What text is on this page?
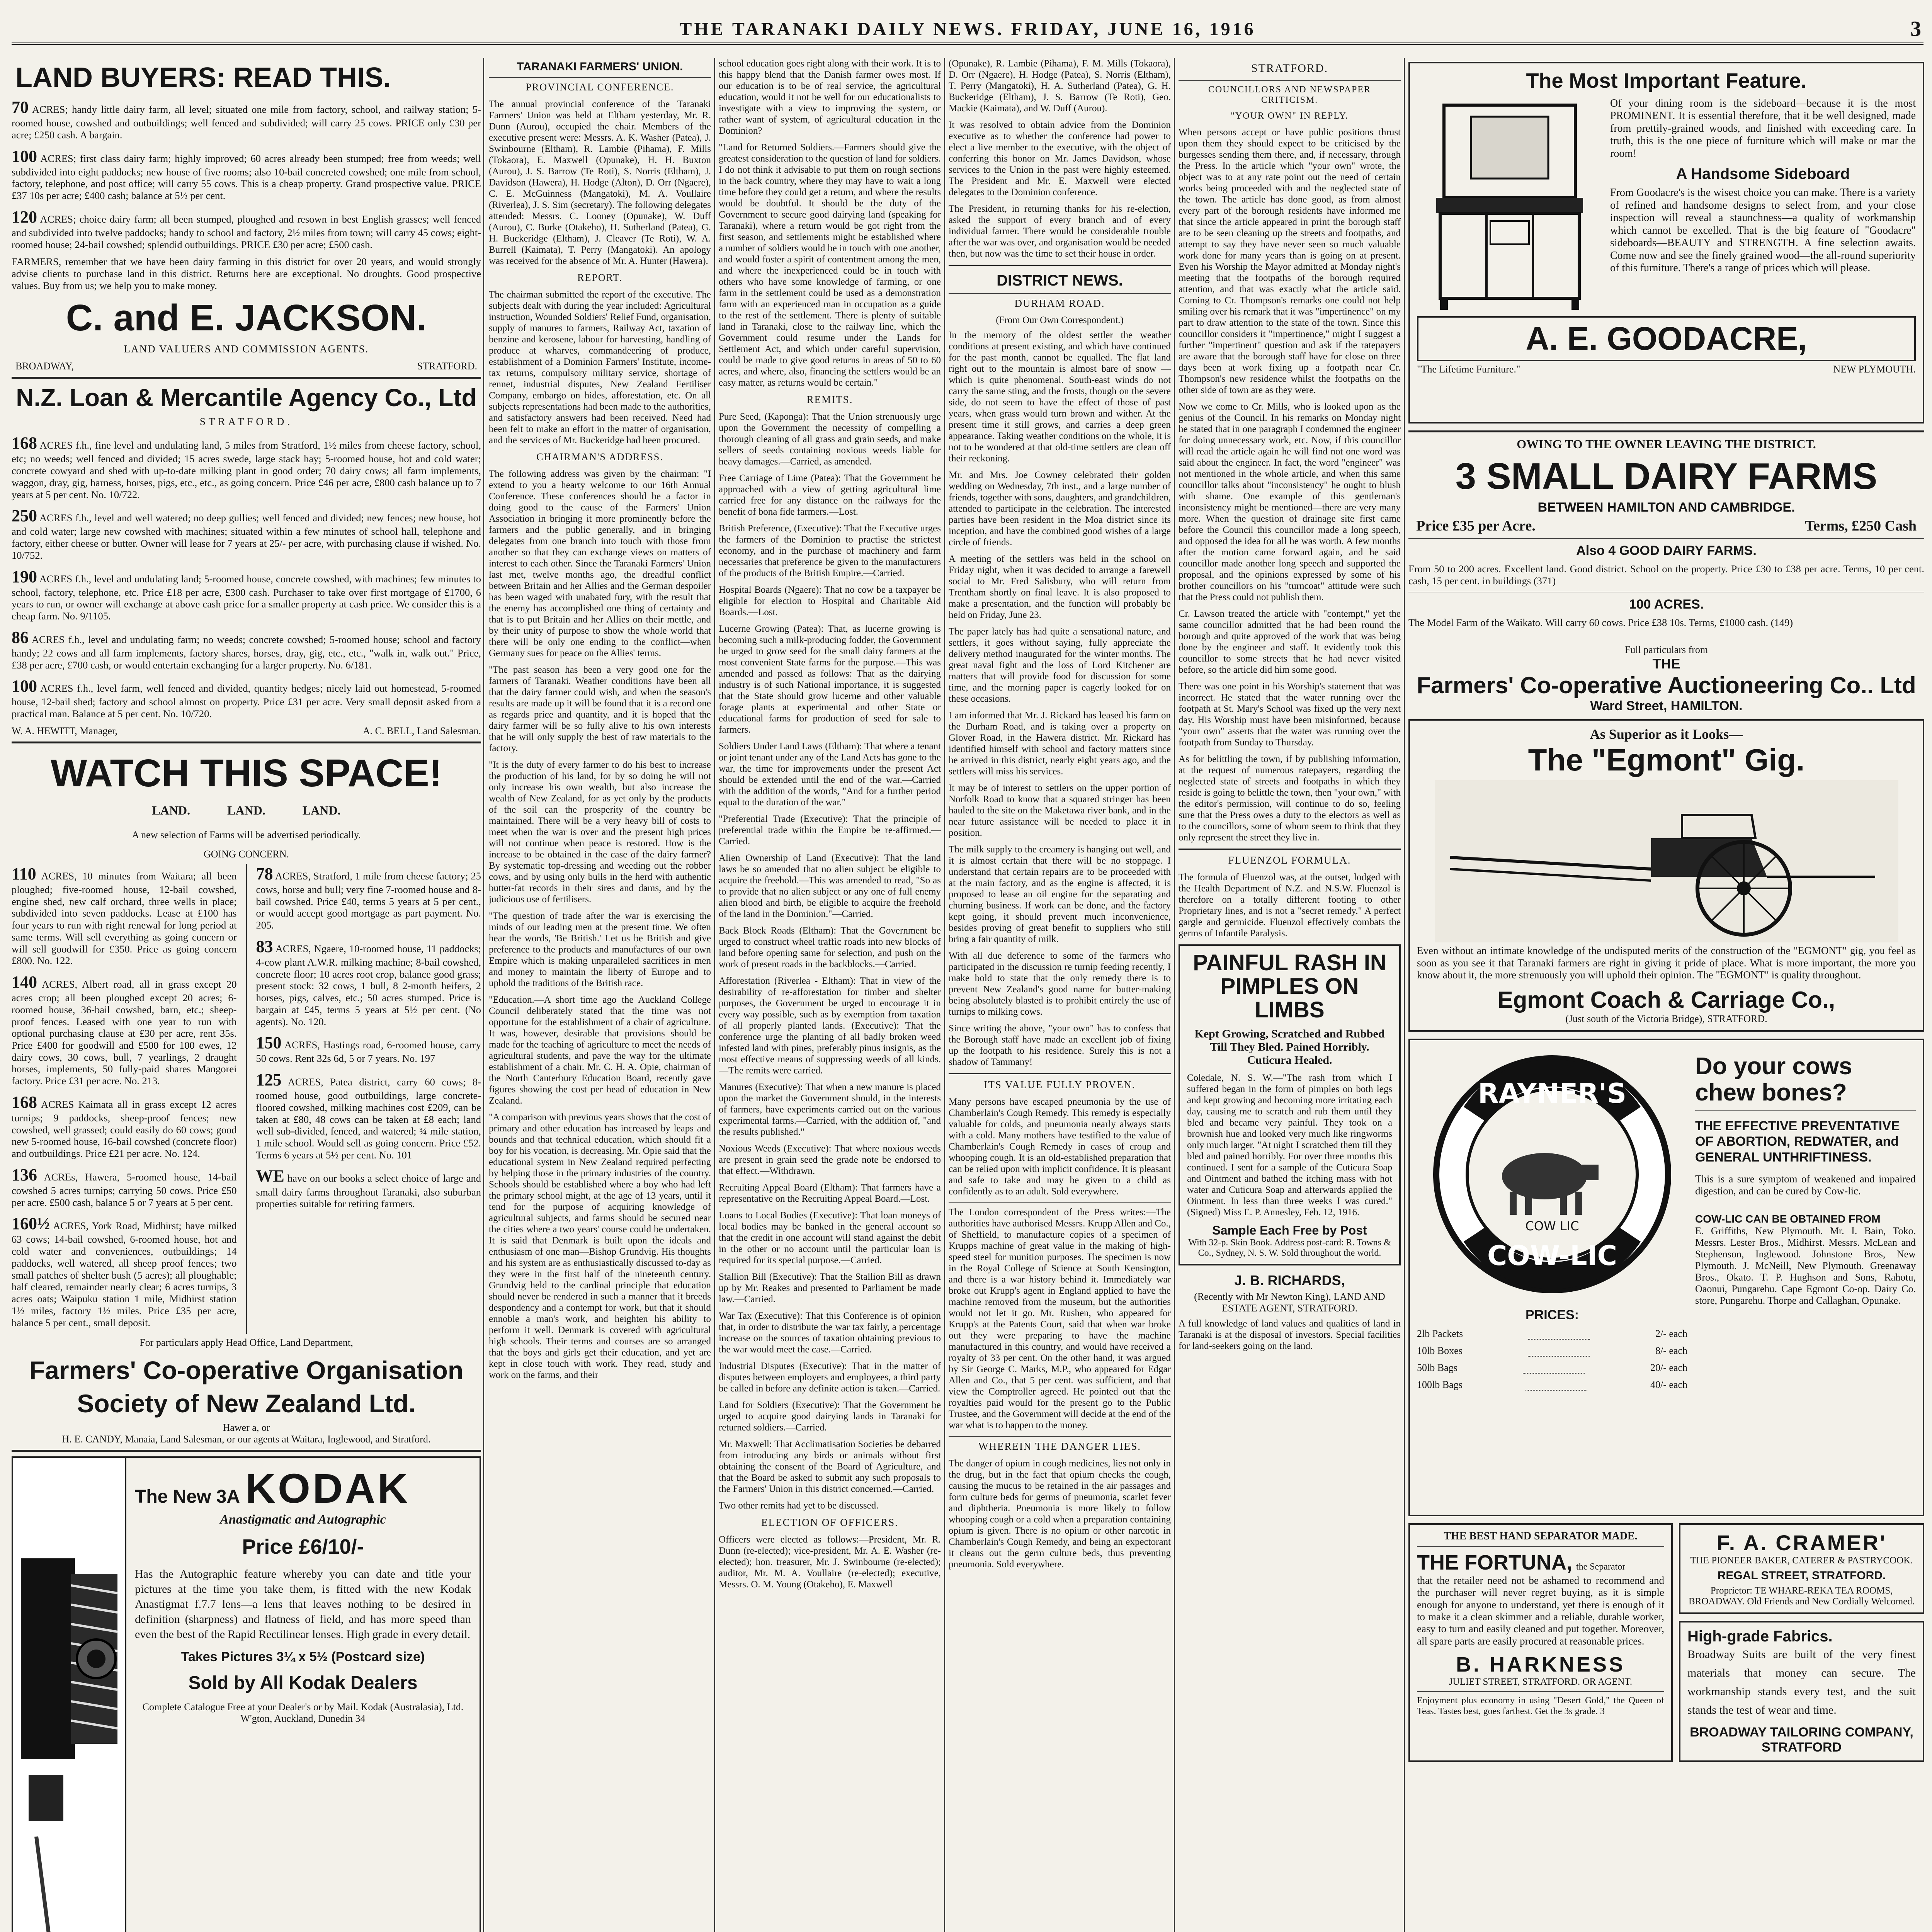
THE TARANAKI DAILY NEWS. FRIDAY, JUNE 16, 1916	3
LAND BUYERS: READ THIS.

70 ACRES; handy little dairy farm, all level; situated one mile from factory, school, and railway station; 5-roomed house, cowshed and outbuildings; well fenced and subdivided; will carry 25 cows. PRICE only £30 per acre; £250 cash. A bargain.

100 ACRES; first class dairy farm; highly improved; 60 acres already been stumped; free from weeds; well subdivided into eight paddocks; new house of five rooms; also 10-bail concreted cowshed; one mile from school, factory, telephone, and post office; will carry 55 cows. This is a cheap property. Grand prospective value. PRICE £37 10s per acre; £400 cash; balance at 5½ per cent.

120 ACRES; choice dairy farm; all been stumped, ploughed and resown in best English grasses; well fenced and subdivided into twelve paddocks; handy to school and factory, 2½ miles from town; will carry 45 cows; eight-roomed house; 24-bail cowshed; splendid outbuildings. PRICE £30 per acre; £500 cash.

FARMERS, remember that we have been dairy farming in this district for over 20 years, and would strongly advise clients to purchase land in this district. Returns here are exceptional. No droughts. Good prospective values. Buy from us; we help you to make money.

C. and E. JACKSON.
LAND VALUERS AND COMMISSION AGENTS.
BROADWAY,	STRATFORD.
N.Z. Loan & Mercantile Agency Co., Ltd
STRATFORD.

168 ACRES f.h., fine level and undulating land, 5 miles from Stratford, 1½ miles from cheese factory, school, etc; no weeds; well fenced and divided; 15 acres swede, large stack hay; 5-roomed house, hot and cold water; concrete cowyard and shed with up-to-date milking plant in good order; 70 dairy cows; all farm implements, waggon, dray, gig, harness, horses, pigs, etc., etc., as going concern. Price £46 per acre, £800 cash balance up to 7 years at 5 per cent. No. 10/722.

250 ACRES f.h., level and well watered; no deep gullies; well fenced and divided; new fences; new house, hot and cold water; large new cowshed with machines; situated within a few minutes of school hall, telephone and factory, either cheese or butter. Owner will lease for 7 years at 25/- per acre, with purchasing clause if wished. No. 10/752.

190 ACRES f.h., level and undulating land; 5-roomed house, concrete cowshed, with machines; few minutes to school, factory, telephone, etc. Price £18 per acre, £300 cash. Purchaser to take over first mortgage of £1700, 6 years to run, or owner will exchange at above cash price for a smaller property at cash price. We consider this is a cheap farm. No. 9/1105.

86 ACRES f.h., level and undulating farm; no weeds; concrete cowshed; 5-roomed house; school and factory handy; 22 cows and all farm implements, factory shares, horses, dray, gig, etc., etc., "walk in, walk out." Price, £38 per acre, £700 cash, or would entertain exchanging for a larger property. No. 6/181.

100 ACRES f.h., level farm, well fenced and divided, quantity hedges; nicely laid out homestead, 5-roomed house, 12-bail shed; factory and school almost on property. Price £31 per acre. Very small deposit asked from a practical man. Balance at 5 per cent. No. 10/720.

W. A. HEWITT, Manager,	A. C. BELL, Land Salesman.
WATCH THIS SPACE!
LAND.            LAND.            LAND.
A new selection of Farms will be advertised periodically.
GOING CONCERN.

110 ACRES, 10 minutes from Waitara; all been ploughed; five-roomed house, 12-bail cowshed, engine shed, new calf orchard, three wells in place; subdivided into seven paddocks. Lease at £100 has four years to run with right renewal for long period at same terms. Will sell everything as going concern or will sell goodwill for £350. Price as going concern £800. No. 122.

140 ACRES, Albert road, all in grass except 20 acres crop; all been ploughed except 20 acres; 6-roomed house, 36-bail cowshed, barn, etc.; sheep-proof fences. Leased with one year to run with optional purchasing clause at £30 per acre, rent 35s. Price £400 for goodwill and £500 for 100 ewes, 12 dairy cows, 30 cows, bull, 7 yearlings, 2 draught horses, implements, 50 fully-paid shares Mangorei factory. Price £31 per acre. No. 213.

168 ACRES Kaimata all in grass except 12 acres turnips; 9 paddocks, sheep-proof fences; new cowshed, well grassed; could easily do 60 cows; good new 5-roomed house, 16-bail cowshed (concrete floor) and outbuildings. Price £21 per acre. No. 124.

136 ACREs, Hawera, 5-roomed house, 14-bail cowshed 5 acres turnips; carrying 50 cows. Price £50 per acre. £500 cash, balance 5 or 7 years at 5 per cent.

160½ ACRES, York Road, Midhirst; have milked 63 cows; 14-bail cowshed, 6-roomed house, hot and cold water and conveniences, outbuildings; 14 paddocks, well watered, all sheep proof fences; two small patches of shelter bush (5 acres); all ploughable; half cleared, remainder nearly clear; 6 acres turnips, 3 acres oats; Waipuku station 1 mile, Midhirst station 1½ miles, factory 1½ miles. Price £35 per acre, balance 5 per cent., small deposit.

78 ACRES, Stratford, 1 mile from cheese factory; 25 cows, horse and bull; very fine 7-roomed house and 8-bail cowshed. Price £40, terms 5 years at 5 per cent., or would accept good mortgage as part payment. No. 205.

83 ACRES, Ngaere, 10-roomed house, 11 paddocks; 4-cow plant A.W.R. milking machine; 8-bail cowshed, concrete floor; 10 acres root crop, balance good grass; present stock: 32 cows, 1 bull, 8 2-month heifers, 2 horses, pigs, calves, etc.; 50 acres stumped. Price is bargain at £45, terms 5 years at 5½ per cent. (No agents). No. 120.

150 ACRES, Hastings road, 6-roomed house, carry 50 cows. Rent 32s 6d, 5 or 7 years. No. 197

125 ACRES, Patea district, carry 60 cows; 8-roomed house, good outbuildings, large concrete-floored cowshed, milking machines cost £209, can be taken at £80, 48 cows can be taken at £8 each; land well sub-divided, fenced, and watered; ¾ mile station, 1 mile school. Would sell as going concern. Price £52. Terms 6 years at 5½ per cent. No. 101

WE have on our books a select choice of large and small dairy farms throughout Taranaki, also suburban properties suitable for retiring farmers.

For particulars apply Head Office, Land Department,
Farmers' Co-operative Organisation
Society of New Zealand Ltd.
Hawer a, or
H. E. CANDY, Manaia, Land Salesman, or our agents at Waitara, Inglewood, and Stratford.
The New 3A KODAK
Anastigmatic and Autographic
Price £6/10/-

Has the Autographic feature whereby you can date and title your pictures at the time you take them, is fitted with the new Kodak Anastigmat f.7.7 lens—a lens that leaves nothing to be desired in definition (sharpness) and flatness of field, and has more speed than even the best of the Rapid Rectilinear lenses. High grade in every detail.

Takes Pictures 3¼ x 5½ (Postcard size)
Sold by All Kodak Dealers
Complete Catalogue Free at your Dealer's or by Mail. Kodak (Australasia), Ltd. W'gton, Auckland, Dunedin 34
TARANAKI FARMERS' UNION.
PROVINCIAL CONFERENCE.

The annual provincial conference of the Taranaki Farmers' Union was held at Eltham yesterday, Mr. R. Dunn (Aurou), occupied the chair. Members of the executive present were: Messrs. A. K. Washer (Patea), J. Swinbourne (Eltham), R. Lambie (Pihama), F. Mills (Tokaora), E. Maxwell (Opunake), H. H. Buxton (Aurou), J. S. Barrow (Te Roti), S. Norris (Eltham), J. Davidson (Hawera), H. Hodge (Alton), D. Orr (Ngaere), C. E. McGuinness (Mangatoki), M. A. Voullaire (Riverlea), J. S. Sim (secretary). The following delegates attended: Messrs. C. Looney (Opunake), W. Duff (Aurou), C. Burke (Otakeho), H. Sutherland (Patea), G. H. Buckeridge (Eltham), J. Cleaver (Te Roti), W. A. Burrell (Kaimata), T. Perry (Mangatoki). An apology was received for the absence of Mr. A. Hunter (Hawera).

REPORT.

The chairman submitted the report of the executive. The subjects dealt with during the year included: Agricultural instruction, Wounded Soldiers' Relief Fund, organisation, supply of manures to farmers, Railway Act, taxation of benzine and kerosene, labour for harvesting, handling of produce at wharves, commandeering of produce, establishment of a Dominion Farmers' Institute, income-tax returns, compulsory military service, shortage of rennet, industrial disputes, New Zealand Fertiliser Company, embargo on hides, afforestation, etc. On all subjects representations had been made to the authorities, and satisfactory answers had been received. Need had been felt to make an effort in the matter of organisation, and the services of Mr. Buckeridge had been procured.

CHAIRMAN'S ADDRESS.

The following address was given by the chairman: "I extend to you a hearty welcome to our 16th Annual Conference. These conferences should be a factor in doing good to the cause of the Farmers' Union Association in bringing it more prominently before the farmers and the public generally, and in bringing delegates from one branch into touch with those from another so that they can exchange views on matters of interest to each other. Since the Taranaki Farmers' Union last met, twelve months ago, the dreadful conflict between Britain and her Allies and the German despoiler has been waged with unabated fury, with the result that the enemy has accomplished one thing of certainty and that is to put Britain and her Allies on their mettle, and by their unity of purpose to show the whole world that there will be only one ending to the conflict—when Germany sues for peace on the Allies' terms.

"The past season has been a very good one for the farmers of Taranaki. Weather conditions have been all that the dairy farmer could wish, and when the season's results are made up it will be found that it is a record one as regards price and quantity, and it is hoped that the dairy farmer will be so fully alive to his own interests that he will only supply the best of raw materials to the factory.

"It is the duty of every farmer to do his best to increase the production of his land, for by so doing he will not only increase his own wealth, but also increase the wealth of New Zealand, for as yet only by the products of the soil can the prosperity of the country be maintained. There will be a very heavy bill of costs to meet when the war is over and the present high prices will not continue when peace is restored. How is the increase to be obtained in the case of the dairy farmer? By systematic top-dressing and weeding out the robber cows, and by using only bulls in the herd with authentic butter-fat records in their sires and dams, and by the judicious use of fertilisers.

"The question of trade after the war is exercising the minds of our leading men at the present time. We often hear the words, 'Be British.' Let us be British and give preference to the products and manufactures of our own Empire which is making unparalleled sacrifices in men and money to maintain the liberty of Europe and to uphold the traditions of the British race.

"Education.—A short time ago the Auckland College Council deliberately stated that the time was not opportune for the establishment of a chair of agriculture. It was, however, desirable that provisions should be made for the teaching of agriculture to meet the needs of agricultural students, and pave the way for the ultimate establishment of a chair. Mr. C. H. A. Opie, chairman of the North Canterbury Education Board, recently gave figures showing the cost per head of education in New Zealand.

"A comparison with previous years shows that the cost of primary and other education has increased by leaps and bounds and that technical education, which should fit a boy for his vocation, is decreasing. Mr. Opie said that the educational system in New Zealand required perfecting by helping those in the primary industries of the country. Schools should be established where a boy who had left the primary school might, at the age of 13 years, until it tend for the purpose of acquiring knowledge of agricultural subjects, and farms should be secured near the cities where a two years' course could be undertaken. It is said that Denmark is built upon the ideals and enthusiasm of one man—Bishop Grundvig. His thoughts and his system are as enthusiastically discussed to-day as they were in the first half of the nineteenth century. Grundvig held to the cardinal principle that education should never be rendered in such a manner that it breeds despondency and a contempt for work, but that it should ennoble a man's work, and heighten his ability to perform it well. Denmark is covered with agricultural high schools. Their terms and courses are so arranged that the boys and girls get their education, and yet are kept in close touch with work. They read, study and work on the farms, and their

school education goes right along with their work. It is to this happy blend that the Danish farmer owes most. If our education is to be of real service, the agricultural education, would it not be well for our educationalists to investigate with a view to improving the system, or rather want of system, of agricultural education in the Dominion?

"Land for Returned Soldiers.—Farmers should give the greatest consideration to the question of land for soldiers. I do not think it advisable to put them on rough sections in the back country, where they may have to wait a long time before they could get a return, and where the results would be doubtful. It should be the duty of the Government to secure good dairying land (speaking for Taranaki), where a return would be got right from the first season, and settlements might be established where a number of soldiers would be in touch with one another, and would foster a spirit of contentment among the men, and where the inexperienced could be in touch with others who have some knowledge of farming, or one farm in the settlement could be used as a demonstration farm with an experienced man in occupation as a guide to the rest of the settlement. There is plenty of suitable land in Taranaki, close to the railway line, which the Government could resume under the Lands for Settlement Act, and which under careful supervision, could be made to give good returns in areas of 50 to 60 acres, and where, also, financing the settlers would be an easy matter, as returns would be certain."

REMITS.

Pure Seed, (Kaponga): That the Union strenuously urge upon the Government the necessity of compelling a thorough cleaning of all grass and grain seeds, and make sellers of seeds containing noxious weeds liable for heavy damages.—Carried, as amended.

Free Carriage of Lime (Patea): That the Government be approached with a view of getting agricultural lime carried free for any distance on the railways for the benefit of bona fide farmers.—Lost.

British Preference, (Executive): That the Executive urges the farmers of the Dominion to practise the strictest economy, and in the purchase of machinery and farm necessaries that preference be given to the manufacturers of the products of the British Empire.—Carried.

Hospital Boards (Ngaere): That no cow be a taxpayer be eligible for election to Hospital and Charitable Aid Boards.—Lost.

Lucerne Growing (Patea): That, as lucerne growing is becoming such a milk-producing fodder, the Government be urged to grow seed for the small dairy farmers at the most convenient State farms for the purpose.—This was amended and passed as follows: That as the dairying industry is of such National importance, it is suggested that the State should grow lucerne and other valuable forage plants at experimental and other State or educational farms for production of seed for sale to farmers.

Soldiers Under Land Laws (Eltham): That where a tenant or joint tenant under any of the Land Acts has gone to the war, the time for improvements under the present Act should be extended until the end of the war.—Carried with the addition of the words, "And for a further period equal to the duration of the war."

"Preferential Trade (Executive): That the principle of preferential trade within the Empire be re-affirmed.—Carried.

Alien Ownership of Land (Executive): That the land laws be so amended that no alien subject be eligible to acquire the freehold.—This was amended to read, "So as to provide that no alien subject or any one of full enemy alien blood and birth, be eligible to acquire the freehold of the land in the Dominion."—Carried.

Back Block Roads (Eltham): That the Government be urged to construct wheel traffic roads into new blocks of land before opening same for selection, and push on the work of present roads in the backblocks.—Carried.

Afforestation (Riverlea - Eltham): That in view of the desirability of re-afforestation for timber and shelter purposes, the Government be urged to encourage it in every way possible, such as by exemption from taxation of all properly planted lands. (Executive): That the conference urge the planting of all badly broken weed infested land with pines, preferably pinus insignis, as the most effective means of suppressing weeds of all kinds.—The remits were carried.

Manures (Executive): That when a new manure is placed upon the market the Government should, in the interests of farmers, have experiments carried out on the various experimental farms.—Carried, with the addition of, "and the results published."

Noxious Weeds (Executive): That where noxious weeds are present in grain seed the grade note be endorsed to that effect.—Withdrawn.

Recruiting Appeal Board (Eltham): That farmers have a representative on the Recruiting Appeal Board.—Lost.

Loans to Local Bodies (Executive): That loan moneys of local bodies may be banked in the general account so that the credit in one account will stand against the debit in the other or no account until the particular loan is required for its special purpose.—Carried.

Stallion Bill (Executive): That the Stallion Bill as drawn up by Mr. Reakes and presented to Parliament be made law.—Carried.

War Tax (Executive): That this Conference is of opinion that, in order to distribute the war tax fairly, a percentage increase on the sources of taxation obtaining previous to the war would meet the case.—Carried.

Industrial Disputes (Executive): That in the matter of disputes between employers and employees, a third party be called in before any definite action is taken.—Carried.

Land for Soldiers (Executive): That the Government be urged to acquire good dairying lands in Taranaki for returned soldiers.—Carried.

Mr. Maxwell: That Acclimatisation Societies be debarred from introducing any birds or animals without first obtaining the consent of the Board of Agriculture, and that the Board be asked to submit any such proposals to the Farmers' Union in this district concerned.—Carried.

Two other remits had yet to be discussed.

ELECTION OF OFFICERS.

Officers were elected as follows:—President, Mr. R. Dunn (re-elected); vice-president, Mr. A. E. Washer (re-elected); hon. treasurer, Mr. J. Swinbourne (re-elected); auditor, Mr. M. A. Voullaire (re-elected); executive, Messrs. O. M. Young (Otakeho), E. Maxwell

(Opunake), R. Lambie (Pihama), F. M. Mills (Tokaora), D. Orr (Ngaere), H. Hodge (Patea), S. Norris (Eltham), T. Perry (Mangatoki), H. A. Sutherland (Patea), G. H. Buckeridge (Eltham), J. S. Barrow (Te Roti), Geo. Mackie (Kaimata), and W. Duff (Aurou).

It was resolved to obtain advice from the Dominion executive as to whether the conference had power to elect a live member to the executive, with the object of conferring this honor on Mr. James Davidson, whose services to the Union in the past were highly esteemed. The President and Mr. E. Maxwell were elected delegates to the Dominion conference.

The President, in returning thanks for his re-election, asked the support of every branch and of every individual farmer. There would be considerable trouble after the war was over, and organisation would be needed then, but now was the time to set their house in order.

DISTRICT NEWS.
DURHAM ROAD.
(From Our Own Correspondent.)

In the memory of the oldest settler the weather conditions at present existing, and which have continued for the past month, cannot be equalled. The flat land right out to the mountain is almost bare of snow — which is quite phenomenal. South-east winds do not carry the same sting, and the frosts, though on the severe side, do not seem to have the effect of those of past years, when grass would turn brown and wither. At the present time it still grows, and carries a deep green appearance. Taking weather conditions on the whole, it is not to be wondered at that old-time settlers are clean off their reckoning.

Mr. and Mrs. Joe Cowney celebrated their golden wedding on Wednesday, 7th inst., and a large number of friends, together with sons, daughters, and grandchildren, attended to participate in the celebration. The interested parties have been resident in the Moa district since its inception, and have the combined good wishes of a large circle of friends.

A meeting of the settlers was held in the school on Friday night, when it was decided to arrange a farewell social to Mr. Fred Salisbury, who will return from Trentham shortly on final leave. It is also proposed to make a presentation, and the function will probably be held on Friday, June 23.

The paper lately has had quite a sensational nature, and settlers, it goes without saying, fully appreciate the delivery method inaugurated for the winter months. The great naval fight and the loss of Lord Kitchener are matters that will provide food for discussion for some time, and the morning paper is eagerly looked for on these occasions.

I am informed that Mr. J. Rickard has leased his farm on the Durham Road, and is taking over a property on Glover Road, in the Hawera district. Mr. Rickard has identified himself with school and factory matters since he arrived in this district, nearly eight years ago, and the settlers will miss his services.

It may be of interest to settlers on the upper portion of Norfolk Road to know that a squared stringer has been hauled to the site on the Maketawa river bank, and in the near future assistance will be needed to place it in position.

The milk supply to the creamery is hanging out well, and it is almost certain that there will be no stoppage. I understand that certain repairs are to be proceeded with at the main factory, and as the engine is affected, it is proposed to lease an oil engine for the separating and churning business. If work can be done, and the factory kept going, it should prevent much inconvenience, besides proving of great benefit to suppliers who still bring a fair quantity of milk.

With all due deference to some of the farmers who participated in the discussion re turnip feeding recently, I make bold to state that the only remedy there is to prevent New Zealand's good name for butter-making being absolutely blasted is to prohibit entirely the use of turnips to milking cows.

Since writing the above, "your own" has to confess that the Borough staff have made an excellent job of fixing up the footpath to his residence. Surely this is not a shadow of Tammany!

ITS VALUE FULLY PROVEN.

Many persons have escaped pneumonia by the use of Chamberlain's Cough Remedy. This remedy is especially valuable for colds, and pneumonia nearly always starts with a cold. Many mothers have testified to the value of Chamberlain's Cough Remedy in cases of croup and whooping cough. It is an old-established preparation that can be relied upon with implicit confidence. It is pleasant and safe to take and may be given to a child as confidently as to an adult. Sold everywhere.

The London correspondent of the Press writes:—The authorities have authorised Messrs. Krupp Allen and Co., of Sheffield, to manufacture copies of a specimen of Krupps machine of great value in the making of high-speed steel for munition purposes. The specimen is now in the Royal College of Science at South Kensington, and there is a war history behind it. Immediately war broke out Krupp's agent in England applied to have the machine removed from the museum, but the authorities would not let it go. Mr. Rushen, who appeared for Krupp's at the Patents Court, said that when war broke out they were preparing to have the machine manufactured in this country, and would have received a royalty of 33 per cent. On the other hand, it was argued by Sir George C. Marks, M.P., who appeared for Edgar Allen and Co., that 5 per cent. was sufficient, and that view the Comptroller agreed. He pointed out that the royalties paid would for the present go to the Public Trustee, and the Government will decide at the end of the war what is to happen to the money.

WHEREIN THE DANGER LIES.

The danger of opium in cough medicines, lies not only in the drug, but in the fact that opium checks the cough, causing the mucus to be retained in the air passages and form culture beds for germs of pneumonia, scarlet fever and diphtheria. Pneumonia is more likely to follow whooping cough or a cold when a preparation containing opium is given. There is no opium or other narcotic in Chamberlain's Cough Remedy, and being an expectorant it cleans out the germ culture beds, thus preventing pneumonia. Sold everywhere.

STRATFORD.
COUNCILLORS AND NEWSPAPER CRITICISM.
"YOUR OWN" IN REPLY.

When persons accept or have public positions thrust upon them they should expect to be criticised by the burgesses sending them there, and, if necessary, through the Press. In the article which "your own" wrote, the object was to at any rate point out the need of certain works being proceeded with and the neglected state of the town. The article has done good, as from almost every part of the borough residents have informed me that since the article appeared in print the borough staff are to be seen cleaning up the streets and footpaths, and attempt to say they have never seen so much valuable work done for many years than is going on at present. Even his Worship the Mayor admitted at Monday night's meeting that the footpaths of the borough required attention, and that was exactly what the article said. Coming to Cr. Thompson's remarks one could not help smiling over his remark that it was "impertinence" on my part to draw attention to the state of the town. Since this councillor considers it "impertinence," might I suggest a further "impertinent" question and ask if the ratepayers are aware that the borough staff have for close on three days been at work fixing up a footpath near Cr. Thompson's new residence whilst the footpaths on the other side of town are as they were.

Now we come to Cr. Mills, who is looked upon as the genius of the Council. In his remarks on Monday night he stated that in one paragraph I condemned the engineer for doing unnecessary work, etc. Now, if this councillor will read the article again he will find not one word was said about the engineer. In fact, the word "engineer" was not mentioned in the whole article, and when this same councillor talks about "inconsistency" he ought to blush with shame. One example of this gentleman's inconsistency might be mentioned—there are very many more. When the question of drainage site first came before the Council this councillor made a long speech, and opposed the idea for all he was worth. A few months after the motion came forward again, and he said councillor made another long speech and supported the proposal, and the opinions expressed by some of his brother councillors on his "turncoat" attitude were such that the Press could not publish them.

Cr. Lawson treated the article with "contempt," yet the same councillor admitted that he had been round the borough and quite approved of the work that was being done by the engineer and staff. It evidently took this councillor to some streets that he had never visited before, so the article did him some good.

There was one point in his Worship's statement that was incorrect. He stated that the water running over the footpath at St. Mary's School was fixed up the very next day. His Worship must have been misinformed, because "your own" asserts that the water was running over the footpath from Sunday to Thursday.

As for belittling the town, if by publishing information, at the request of numerous ratepayers, regarding the neglected state of streets and footpaths in which they reside is going to belittle the town, then "your own," with the editor's permission, will continue to do so, feeling sure that the Press owes a duty to the electors as well as to the councillors, some of whom seem to think that they only represent the street they live in.

FLUENZOL FORMULA.

The formula of Fluenzol was, at the outset, lodged with the Health Department of N.Z. and N.S.W. Fluenzol is therefore on a totally different footing to other Proprietary lines, and is not a "secret remedy." A perfect gargle and germicide. Fluenzol effectively combats the germs of Infantile Paralysis.

PAINFUL RASH IN PIMPLES ON LIMBS
Kept Growing, Scratched and Rubbed Till They Bled. Pained Horribly. Cuticura Healed.

Coledale, N. S. W.—"The rash from which I suffered began in the form of pimples on both legs and kept growing and becoming more irritating each day, causing me to scratch and rub them until they bled and became very painful. They took on a brownish hue and looked very much like ringworms only much larger. "At night I scratched them till they bled and pained horribly. For over three months this continued. I sent for a sample of the Cuticura Soap and Ointment and bathed the itching mass with hot water and Cuticura Soap and afterwards applied the Ointment. In less than three weeks I was cured." (Signed) Miss E. P. Annesley, Feb. 12, 1916.

Sample Each Free by Post
With 32-p. Skin Book. Address post-card: R. Towns & Co., Sydney, N. S. W. Sold throughout the world.
J. B. RICHARDS,
(Recently with Mr Newton King), LAND AND ESTATE AGENT, STRATFORD.

A full knowledge of land values and qualities of land in Taranaki is at the disposal of investors. Special facilities for land-seekers going on the land.

The Most Important Feature.

Of your dining room is the sideboard—because it is the most PROMINENT. It is essential therefore, that it be well designed, made from prettily-grained woods, and finished with exceeding care. In truth, this is the one piece of furniture which will make or mar the room!

A Handsome Sideboard

From Goodacre's is the wisest choice you can make. There is a variety of refined and handsome designs to select from, and your close inspection will reveal a staunchness—a quality of workmanship which cannot be excelled. That is the big feature of "Goodacre" sideboards—BEAUTY and STRENGTH. A fine selection awaits. Come now and see the finely grained wood—the all-round superiority of this furniture. There's a range of prices which will please.

A. E. GOODACRE,
"The Lifetime Furniture."	NEW PLYMOUTH.
OWING TO THE OWNER LEAVING THE DISTRICT.
3 SMALL DAIRY FARMS
BETWEEN HAMILTON AND CAMBRIDGE.
Price £35 per Acre.	Terms, £250 Cash
Also 4 GOOD DAIRY FARMS.

From 50 to 200 acres. Excellent land. Good district. School on the property. Price £30 to £38 per acre. Terms, 10 per cent. cash, 15 per cent. in buildings (371)

100 ACRES.

The Model Farm of the Waikato. Will carry 60 cows. Price £38 10s. Terms, £1000 cash. (149)

Full particulars from
THE
Farmers' Co-operative Auctioneering Co.. Ltd
Ward Street, HAMILTON.
As Superior as it Looks—
The "Egmont" Gig.

Even without an intimate knowledge of the undisputed merits of the construction of the "EGMONT" gig, you feel as soon as you see it that Taranaki farmers are right in giving it pride of place. What is more important, the more you know about it, the more strenuously you will uphold their opinion. The "EGMONT" is quality throughout.

Egmont Coach & Carriage Co.,
(Just south of the Victoria Bridge), STRATFORD.
RAYNER'S
COW-LIC
COW LIC
PRICES:
2lb Packets	2/- each
10lb Boxes	8/- each
50lb Bags	20/- each
100lb Bags	40/- each
Do your cows chew bones?
THE EFFECTIVE PREVENTATIVE OF ABORTION, REDWATER, and GENERAL UNTHRIFTINESS.

This is a sure symptom of weakened and impaired digestion, and can be cured by Cow-lic.

COW-LIC CAN BE OBTAINED FROM

E. Griffiths, New Plymouth. Mr. I. Bain, Toko. Messrs. Lester Bros., Midhirst. Messrs. McLean and Stephenson, Inglewood. Johnstone Bros, New Plymouth. J. McNeill, New Plymouth. Greenaway Bros., Okato. T. P. Hughson and Sons, Rahotu, Oaonui, Pungarehu. Cape Egmont Co-op. Dairy Co. store, Pungarehu. Thorpe and Callaghan, Opunake.

THE BEST HAND SEPARATOR MADE.
THE FORTUNA, the Separator

that the retailer need not be ashamed to recommend and the purchaser will never regret buying, as it is simple enough for anyone to understand, yet there is enough of it to make it a clean skimmer and a reliable, durable worker, easy to turn and easily cleaned and put together. Moreover, all spare parts are easily procured at reasonable prices.

B. HARKNESS
JULIET STREET, STRATFORD. OR AGENT.

Enjoyment plus economy in using "Desert Gold," the Queen of Teas. Tastes best, goes farthest. Get the 3s grade. 3

F. A. CRAMER'
THE PIONEER BAKER, CATERER & PASTRYCOOK.
REGAL STREET, STRATFORD.
Proprietor: TE WHARE-REKA TEA ROOMS, BROADWAY. Old Friends and New Cordially Welcomed.
High-grade Fabrics.

Broadway Suits are built of the very finest materials that money can secure. The workmanship stands every test, and the suit stands the test of wear and time.

BROADWAY TAILORING COMPANY, STRATFORD
